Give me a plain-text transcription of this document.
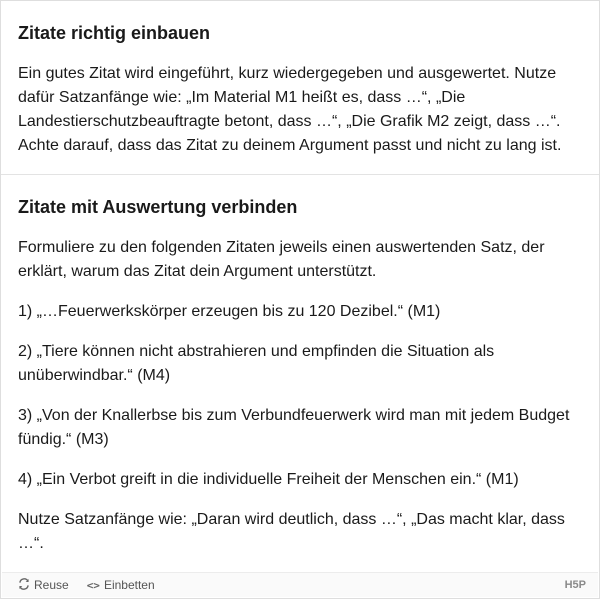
Zitate richtig einbauen

Ein gutes Zitat wird eingeführt, kurz wiedergegeben und ausgewertet. Nutze dafür Satzanfänge wie: „Im Material M1 heißt es, dass …“, „Die Landestierschutzbeauftragte betont, dass …“, „Die Grafik M2 zeigt, dass …“. Achte darauf, dass das Zitat zu deinem Argument passt und nicht zu lang ist.

Zitate mit Auswertung verbinden

Formuliere zu den folgenden Zitaten jeweils einen auswertenden Satz, der erklärt, warum das Zitat dein Argument unterstützt.

1) „…Feuerwerkskörper erzeugen bis zu 120 Dezibel.“ (M1)

2) „Tiere können nicht abstrahieren und empfinden die Situation als unüberwindbar.“ (M4)

3) „Von der Knallerbse bis zum Verbundfeuerwerk wird man mit jedem Budget fündig.“ (M3)

4) „Ein Verbot greift in die individuelle Freiheit der Menschen ein.“ (M1)

Nutze Satzanfänge wie: „Daran wird deutlich, dass …“, „Das macht klar, dass …“.

Reuse <> Einbetten	H5P
